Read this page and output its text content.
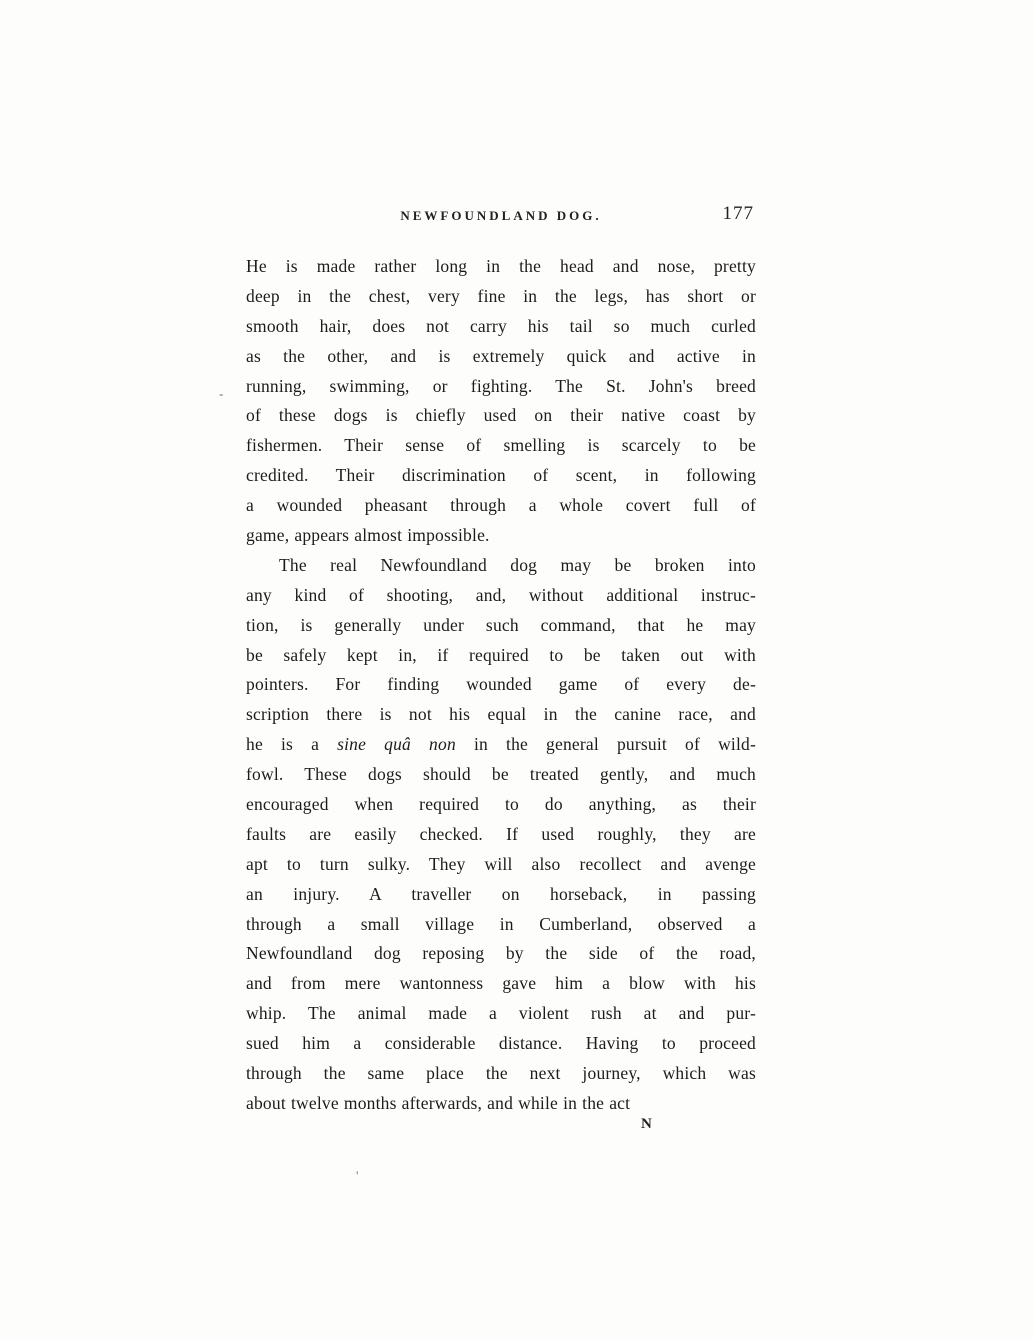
NEWFOUNDLAND DOG.	177
He is made rather long in the head and nose, pretty
deep in the chest, very fine in the legs, has short or
smooth hair, does not carry his tail so much curled
as the other, and is extremely quick and active in
running, swimming, or fighting. The St. John's breed
of these dogs is chiefly used on their native coast by
fishermen. Their sense of smelling is scarcely to be
credited. Their discrimination of scent, in following
a wounded pheasant through a whole covert full of
game, appears almost impossible.
The real Newfoundland dog may be broken into
any kind of shooting, and, without additional instruc-
tion, is generally under such command, that he may
be safely kept in, if required to be taken out with
pointers. For finding wounded game of every de-
scription there is not his equal in the canine race, and
he is a sine quâ non in the general pursuit of wild-
fowl. These dogs should be treated gently, and much
encouraged when required to do anything, as their
faults are easily checked. If used roughly, they are
apt to turn sulky. They will also recollect and avenge
an injury. A traveller on horseback, in passing
through a small village in Cumberland, observed a
Newfoundland dog reposing by the side of the road,
and from mere wantonness gave him a blow with his
whip. The animal made a violent rush at and pur-
sued him a considerable distance. Having to proceed
through the same place the next journey, which was
about twelve months afterwards, and while in the act
N
-
'
